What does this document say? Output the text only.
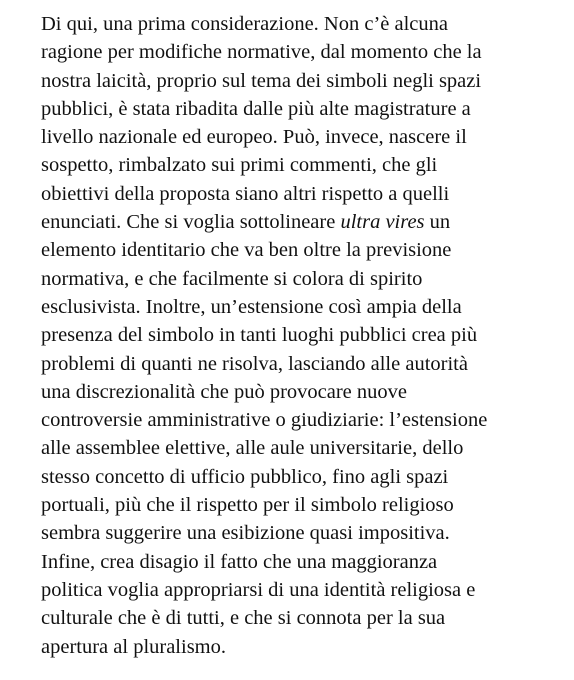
Di qui, una prima considerazione. Non c’è alcuna
ragione per modifiche normative, dal momento che la
nostra laicità, proprio sul tema dei simboli negli spazi
pubblici, è stata ribadita dalle più alte magistrature a
livello nazionale ed europeo. Può, invece, nascere il
sospetto, rimbalzato sui primi commenti, che gli
obiettivi della proposta siano altri rispetto a quelli
enunciati. Che si voglia sottolineare ultra vires un
elemento identitario che va ben oltre la previsione
normativa, e che facilmente si colora di spirito
esclusivista. Inoltre, un’estensione così ampia della
presenza del simbolo in tanti luoghi pubblici crea più
problemi di quanti ne risolva, lasciando alle autorità
una discrezionalità che può provocare nuove
controversie amministrative o giudiziarie: l’estensione
alle assemblee elettive, alle aule universitarie, dello
stesso concetto di ufficio pubblico, fino agli spazi
portuali, più che il rispetto per il simbolo religioso
sembra suggerire una esibizione quasi impositiva.
Infine, crea disagio il fatto che una maggioranza
politica voglia appropriarsi di una identità religiosa e
culturale che è di tutti, e che si connota per la sua
apertura al pluralismo.
